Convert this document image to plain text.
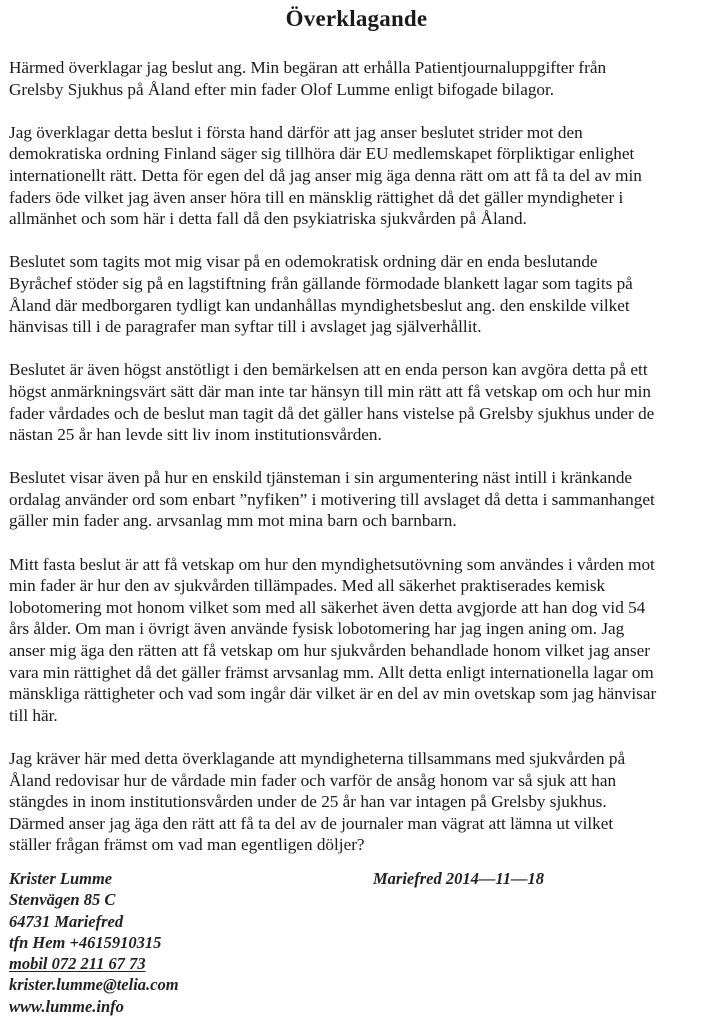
Överklagande
Härmed överklagar jag beslut ang. Min begäran att erhålla Patientjournaluppgifter från
Grelsby Sjukhus på Åland efter min fader Olof Lumme enligt bifogade bilagor.
Jag överklagar detta beslut i första hand därför att jag anser beslutet strider mot den
demokratiska ordning Finland säger sig tillhöra där EU medlemskapet förpliktigar enlighet
internationellt rätt. Detta för egen del då jag anser mig äga denna rätt om att få ta del av min
faders öde vilket jag även anser höra till en mänsklig rättighet då det gäller myndigheter i
allmänhet och som här i detta fall då den psykiatriska sjukvården på Åland.
Beslutet som tagits mot mig visar på en odemokratisk ordning där en enda beslutande
Byråchef stöder sig på en lagstiftning från gällande förmodade blankett lagar som tagits på
Åland där medborgaren tydligt kan undanhållas myndighetsbeslut ang. den enskilde vilket
hänvisas till i de paragrafer man syftar till i avslaget jag själverhållit.
Beslutet är även högst anstötligt i den bemärkelsen att en enda person kan avgöra detta på ett
högst anmärkningsvärt sätt där man inte tar hänsyn till min rätt att få vetskap om och hur min
fader vårdades och de beslut man tagit då det gäller hans vistelse på Grelsby sjukhus under de
nästan 25 år han levde sitt liv inom institutionsvården.
Beslutet visar även på hur en enskild tjänsteman i sin argumentering näst intill i kränkande
ordalag använder ord som enbart ”nyfiken” i motivering till avslaget då detta i sammanhanget
gäller min fader ang. arvsanlag mm mot mina barn och barnbarn.
Mitt fasta beslut är att få vetskap om hur den myndighetsutövning som användes i vården mot
min fader är hur den av sjukvården tillämpades. Med all säkerhet praktiserades kemisk
lobotomering mot honom vilket som med all säkerhet även detta avgjorde att han dog vid 54
års ålder. Om man i övrigt även använde fysisk lobotomering har jag ingen aning om. Jag
anser mig äga den rätten att få vetskap om hur sjukvården behandlade honom vilket jag anser
vara min rättighet då det gäller främst arvsanlag mm. Allt detta enligt internationella lagar om
mänskliga rättigheter och vad som ingår där vilket är en del av min ovetskap som jag hänvisar
till här.
Jag kräver här med detta överklagande att myndigheterna tillsammans med sjukvården på
Åland redovisar hur de vårdade min fader och varför de ansåg honom var så sjuk att han
stängdes in inom institutionsvården under de 25 år han var intagen på Grelsby sjukhus.
Därmed anser jag äga den rätt att få ta del av de journaler man vägrat att lämna ut vilket
ställer frågan främst om vad man egentligen döljer?
Krister Lumme
Stenvägen 85 C
64731 Mariefred
tfn Hem +4615910315
mobil 072 211 67 73
krister.lumme@telia.com
www.lumme.info
Mariefred 2014—11—18
